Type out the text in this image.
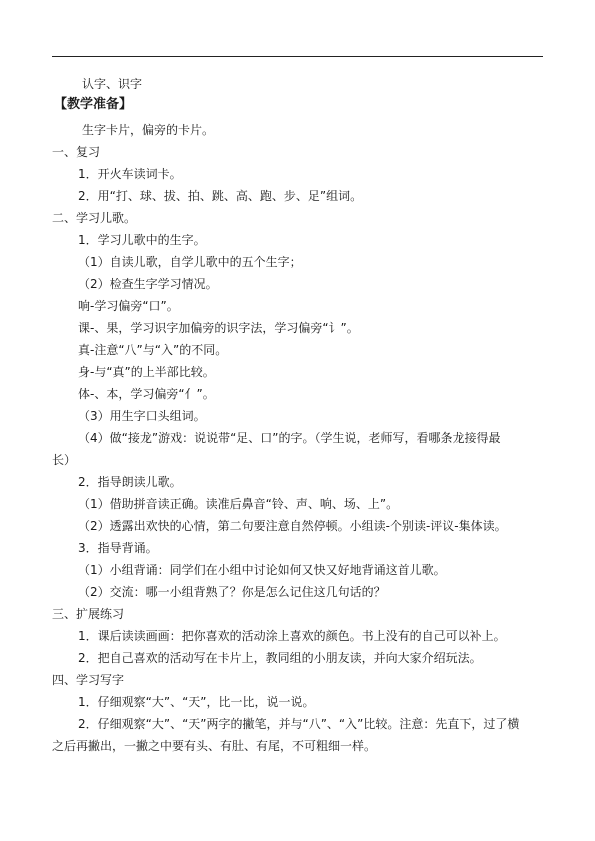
认字、识字
【教学准备】
生字卡片，偏旁的卡片。
一、复习
1．开火车读词卡。
2．用“打、球、拔、拍、跳、高、跑、步、足”组词。
二、学习儿歌。
1．学习儿歌中的生字。
（1）自读儿歌，自学儿歌中的五个生字；
（2）检查生字学习情况。
响-学习偏旁“口”。
课-、果，学习识字加偏旁的识字法，学习偏旁“讠”。
真-注意“八”与“入”的不同。
身-与“真”的上半部比较。
体-、本，学习偏旁“亻”。
（3）用生字口头组词。
（4）做“接龙”游戏：说说带“足、口”的字。（学生说，老师写，看哪条龙接得最
长）
2．指导朗读儿歌。
（1）借助拼音读正确。读准后鼻音“铃、声、响、场、上”。
（2）透露出欢快的心情，第二句要注意自然停顿。小组读-个别读-评议-集体读。
3．指导背诵。
（1）小组背诵：同学们在小组中讨论如何又快又好地背诵这首儿歌。
（2）交流：哪一小组背熟了？你是怎么记住这几句话的？
三、扩展练习
1．课后读读画画：把你喜欢的活动涂上喜欢的颜色。书上没有的自己可以补上。
2．把自己喜欢的活动写在卡片上，教同组的小朋友读，并向大家介绍玩法。
四、学习写字
1．仔细观察“大”、“天”，比一比，说一说。
2．仔细观察“大”、“天”两字的撇笔，并与“八”、“入”比较。注意：先直下，过了横
之后再撇出，一撇之中要有头、有肚、有尾，不可粗细一样。
